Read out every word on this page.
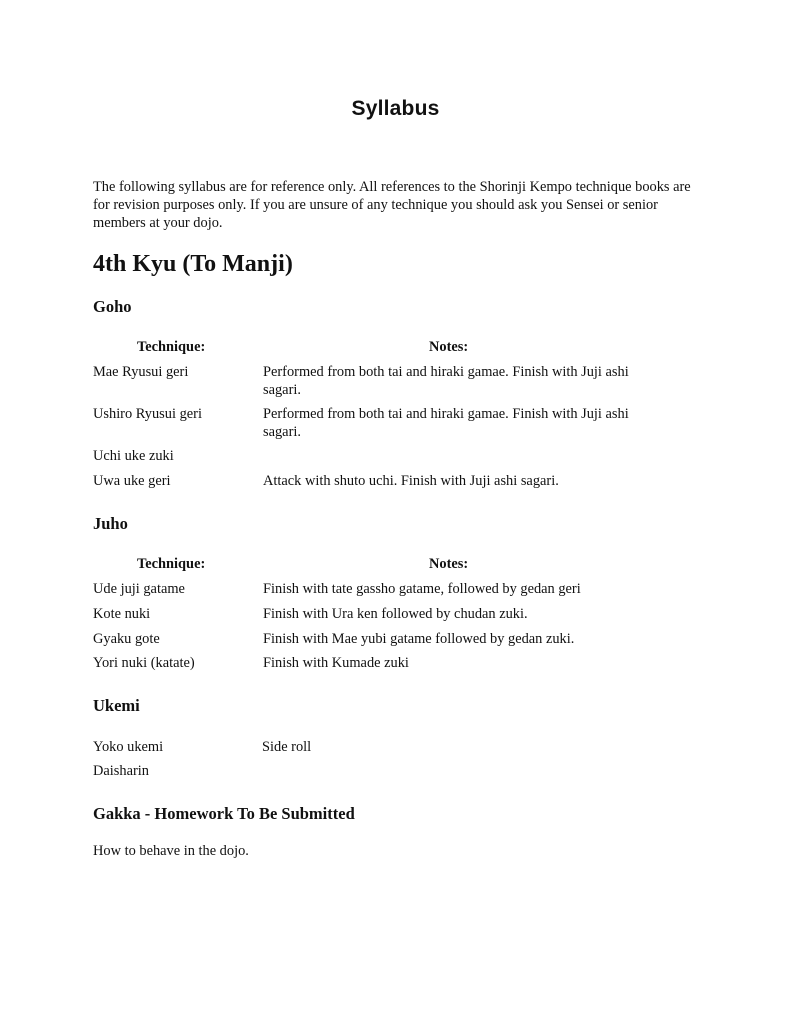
Syllabus
The following syllabus are for reference only. All references to the Shorinji Kempo technique books are for revision purposes only. If you are unsure of any technique you should ask you Sensei or senior members at your dojo.
4th Kyu (To Manji)
Goho
Technique:	Notes:
Mae Ryusui geri	Performed from both tai and hiraki gamae. Finish with Juji ashi sagari.
Ushiro Ryusui geri	Performed from both tai and hiraki gamae. Finish with Juji ashi sagari.
Uchi uke zuki
Uwa uke geri	Attack with shuto uchi. Finish with Juji ashi sagari.
Juho
Technique:	Notes:
Ude juji gatame	Finish with tate gassho gatame, followed by gedan geri
Kote nuki	Finish with Ura ken followed by chudan zuki.
Gyaku gote	Finish with Mae yubi gatame followed by gedan zuki.
Yori nuki (katate)	Finish with Kumade zuki
Ukemi
Yoko ukemi	Side roll
Daisharin
Gakka - Homework To Be Submitted
How to behave in the dojo.
